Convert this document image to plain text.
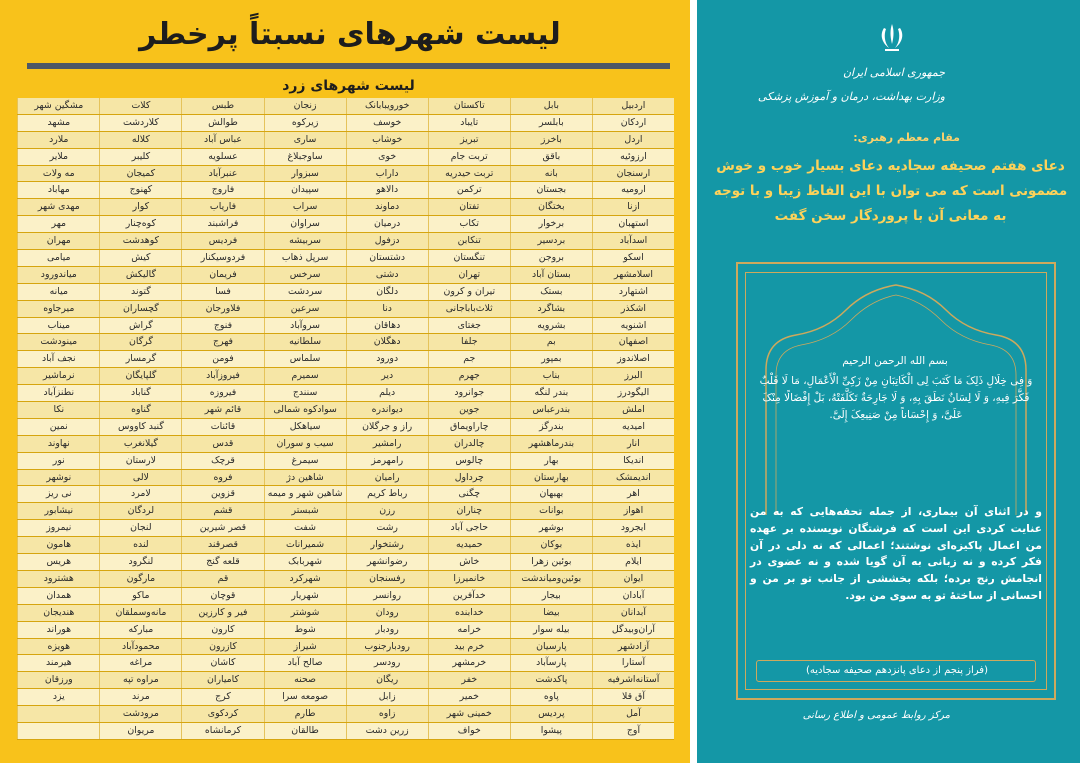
لیست شهرهای نسبتاً پرخطر
لیست شهرهای زرد
اردبیل
بابل
تاکستان
خورویبابانک
زنجان
طبس
کلات
مشگین شهر
اردکان
بابلسر
تایباد
خوسف
زیرکوه
طوالش
کلاردشت
مشهد
اردل
باخرز
تبریز
خوشاب
ساری
عباس آباد
کلاله
ملارد
ارزوئیه
باقق
تربت جام
خوی
ساوجبلاغ
عسلویه
کلیبر
ملایر
ارسنجان
بانه
تربت حیدریه
داراب
سبزوار
عنبرآباد
کمیجان
مه ولات
ارومیه
بجستان
ترکمن
دالاهو
سپیدان
فاروج
کهنوج
مهاباد
ازنا
بختگان
تفتان
دماوند
سراب
فاریاب
کوار
مهدی شهر
استهبان
برخوار
تکاب
درمیان
سراوان
فراشبند
کوه‌چنار
مهر
اسدآباد
بردسیر
تنکابن
دزفول
سربیشه
فردیس
کوهدشت
مهران
اسکو
بروجن
تنگستان
دشتستان
سرپل ذهاب
فردوسیکنار
کیش
میامی
اسلامشهر
بستان آباد
تهران
دشتی
سرخس
فریمان
گالیکش
میاندورود
اشتهارد
بستک
تیران و کرون
دلگان
سردشت
فسا
گتوند
میانه
اشکذر
بشاگرد
ثلاث‌باباجانی
دنا
سرعین
فلاورجان
گچساران
میرجاوه
اشنویه
بشرویه
جغتای
دهاقان
سروآباد
فنوج
گراش
میناب
اصفهان
بم
جلفا
دهگلان
سلطانیه
فهرج
گرگان
مینودشت
اصلاندوز
بمپور
جم
دورود
سلماس
فومن
گرمسار
نجف آباد
البرز
بناب
جهرم
دیر
سمیرم
فیروزآباد
گلپایگان
نرماشیر
الیگودرز
بندر لنگه
جوانرود
دیلم
سنندج
فیروزه
گناباد
نطنزآباد
املش
بندرعباس
جوین
دیواندره
سوادکوه شمالی
قائم شهر
گناوه
نکا
امیدیه
بندرگز
چاراویماق
راز و جرگلان
سیاهکل
قائنات
گنبد کاووس
نمین
انار
بندرماهشهر
چالدران
رامشیر
سیب و سوران
قدس
گیلانغرب
نهاوند
اندیکا
بهار
چالوس
رامهرمز
سیمرغ
قرچک
لارستان
نور
اندیمشک
بهارستان
چرداول
رامیان
شاهین دژ
فروه
لالی
نوشهر
اهر
بهبهان
چگنی
رباط کریم
شاهین شهر و میمه
قزوین
لامرد
نی ریز
اهواز
بوانات
چناران
رزن
شبستر
قشم
لردگان
نیشابور
ایجرود
بوشهر
حاجی آباد
رشت
شفت
قصر شیرین
لنجان
نیمروز
ایذه
بوکان
حمیدیه
رشتخوار
شمیرانات
قصرقند
لنده
هامون
ایلام
بوئین زهرا
خاش
رضوانشهر
شهربابک
قلعه گنج
لنگرود
هریس
ایوان
بوئین‌ومیاندشت
خانمیرزا
رفسنجان
شهرکرد
قم
مارگون
هشترود
آبادان
بیجار
خدآفرین
روانسر
شهریار
قوچان
ماکو
همدان
آبدانان
بیضا
خدابنده
رودان
شوشتر
فیر و کارزین
مانه‌وسملقان
هندیجان
آران‌وبیدگل
بیله سوار
خرامه
رودبار
شوط
کارون
مبارکه
هوراند
آزادشهر
پارسیان
خرم بید
رودبارجنوب
شیراز
کازرون
محمودآباد
هویزه
آستارا
پارسآباد
خرمشهر
رودسر
صالح آباد
کاشان
مراغه
هیرمند
آستانه‌اشرفیه
پاکدشت
خفر
ریگان
صحنه
کامیاران
مراوه تپه
ورزقان
آق قلا
پاوه
خمیر
زابل
صومعه سرا
کرج
مرند
یزد
آمل
پردیس
خمینی شهر
زاوه
طارم
کردکوی
مرودشت
آوج
پیشوا
خواف
زرین دشت
طالقان
کرمانشاه
مریوان
جمهوری اسلامی ایران
وزارت بهداشت، درمان و آموزش پزشکی
مقام معظم رهبری:
دعای هفتم صحیفه سجادیه دعای بسیار خوب و خوش مضمونی است که می توان با این الفاظ زیبا و با توجه به معانی آن با پروردگار سخن گفت
بسم الله الرحمن الرحیم
وَ فِی خِلَالِ ذَلِکَ مَا کَتَبَ لِی الْکَاتِبَانِ مِنْ زَکِیِّ الْأَعْمَالِ، مَا لَا قَلْبٌ فَکَّرَ فِیهِ، وَ لَا لِسَانٌ نَطَقَ بِهِ، وَ لَا جَارِحَةٌ تَکَلَّفَتْهُ، بَلْ إِفْضَالًا مِنْکَ عَلَیَّ، وَ إِحْسَاناً مِنْ صَنِیعِکَ إِلَیَّ.
و در اثنای آن بیماری، از جمله تحفه‌هایی که به من عنایت کردی این است که فرشتگان نویسنده بر عهده من اعمال پاکیزه‌ای نوشتند؛ اعمالی که نه دلی در آن فکر کرده و نه زبانی به آن گویا شده و نه عضوی در انجامش رنج برده؛ بلکه بخششی از جانب تو بر من و احسانی از ساختهٔ تو به سوی من بود.
(فراز پنجم از دعای پانزدهم صحیفه سجادیه)
مرکز روابط عمومی و اطلاع رسانی
